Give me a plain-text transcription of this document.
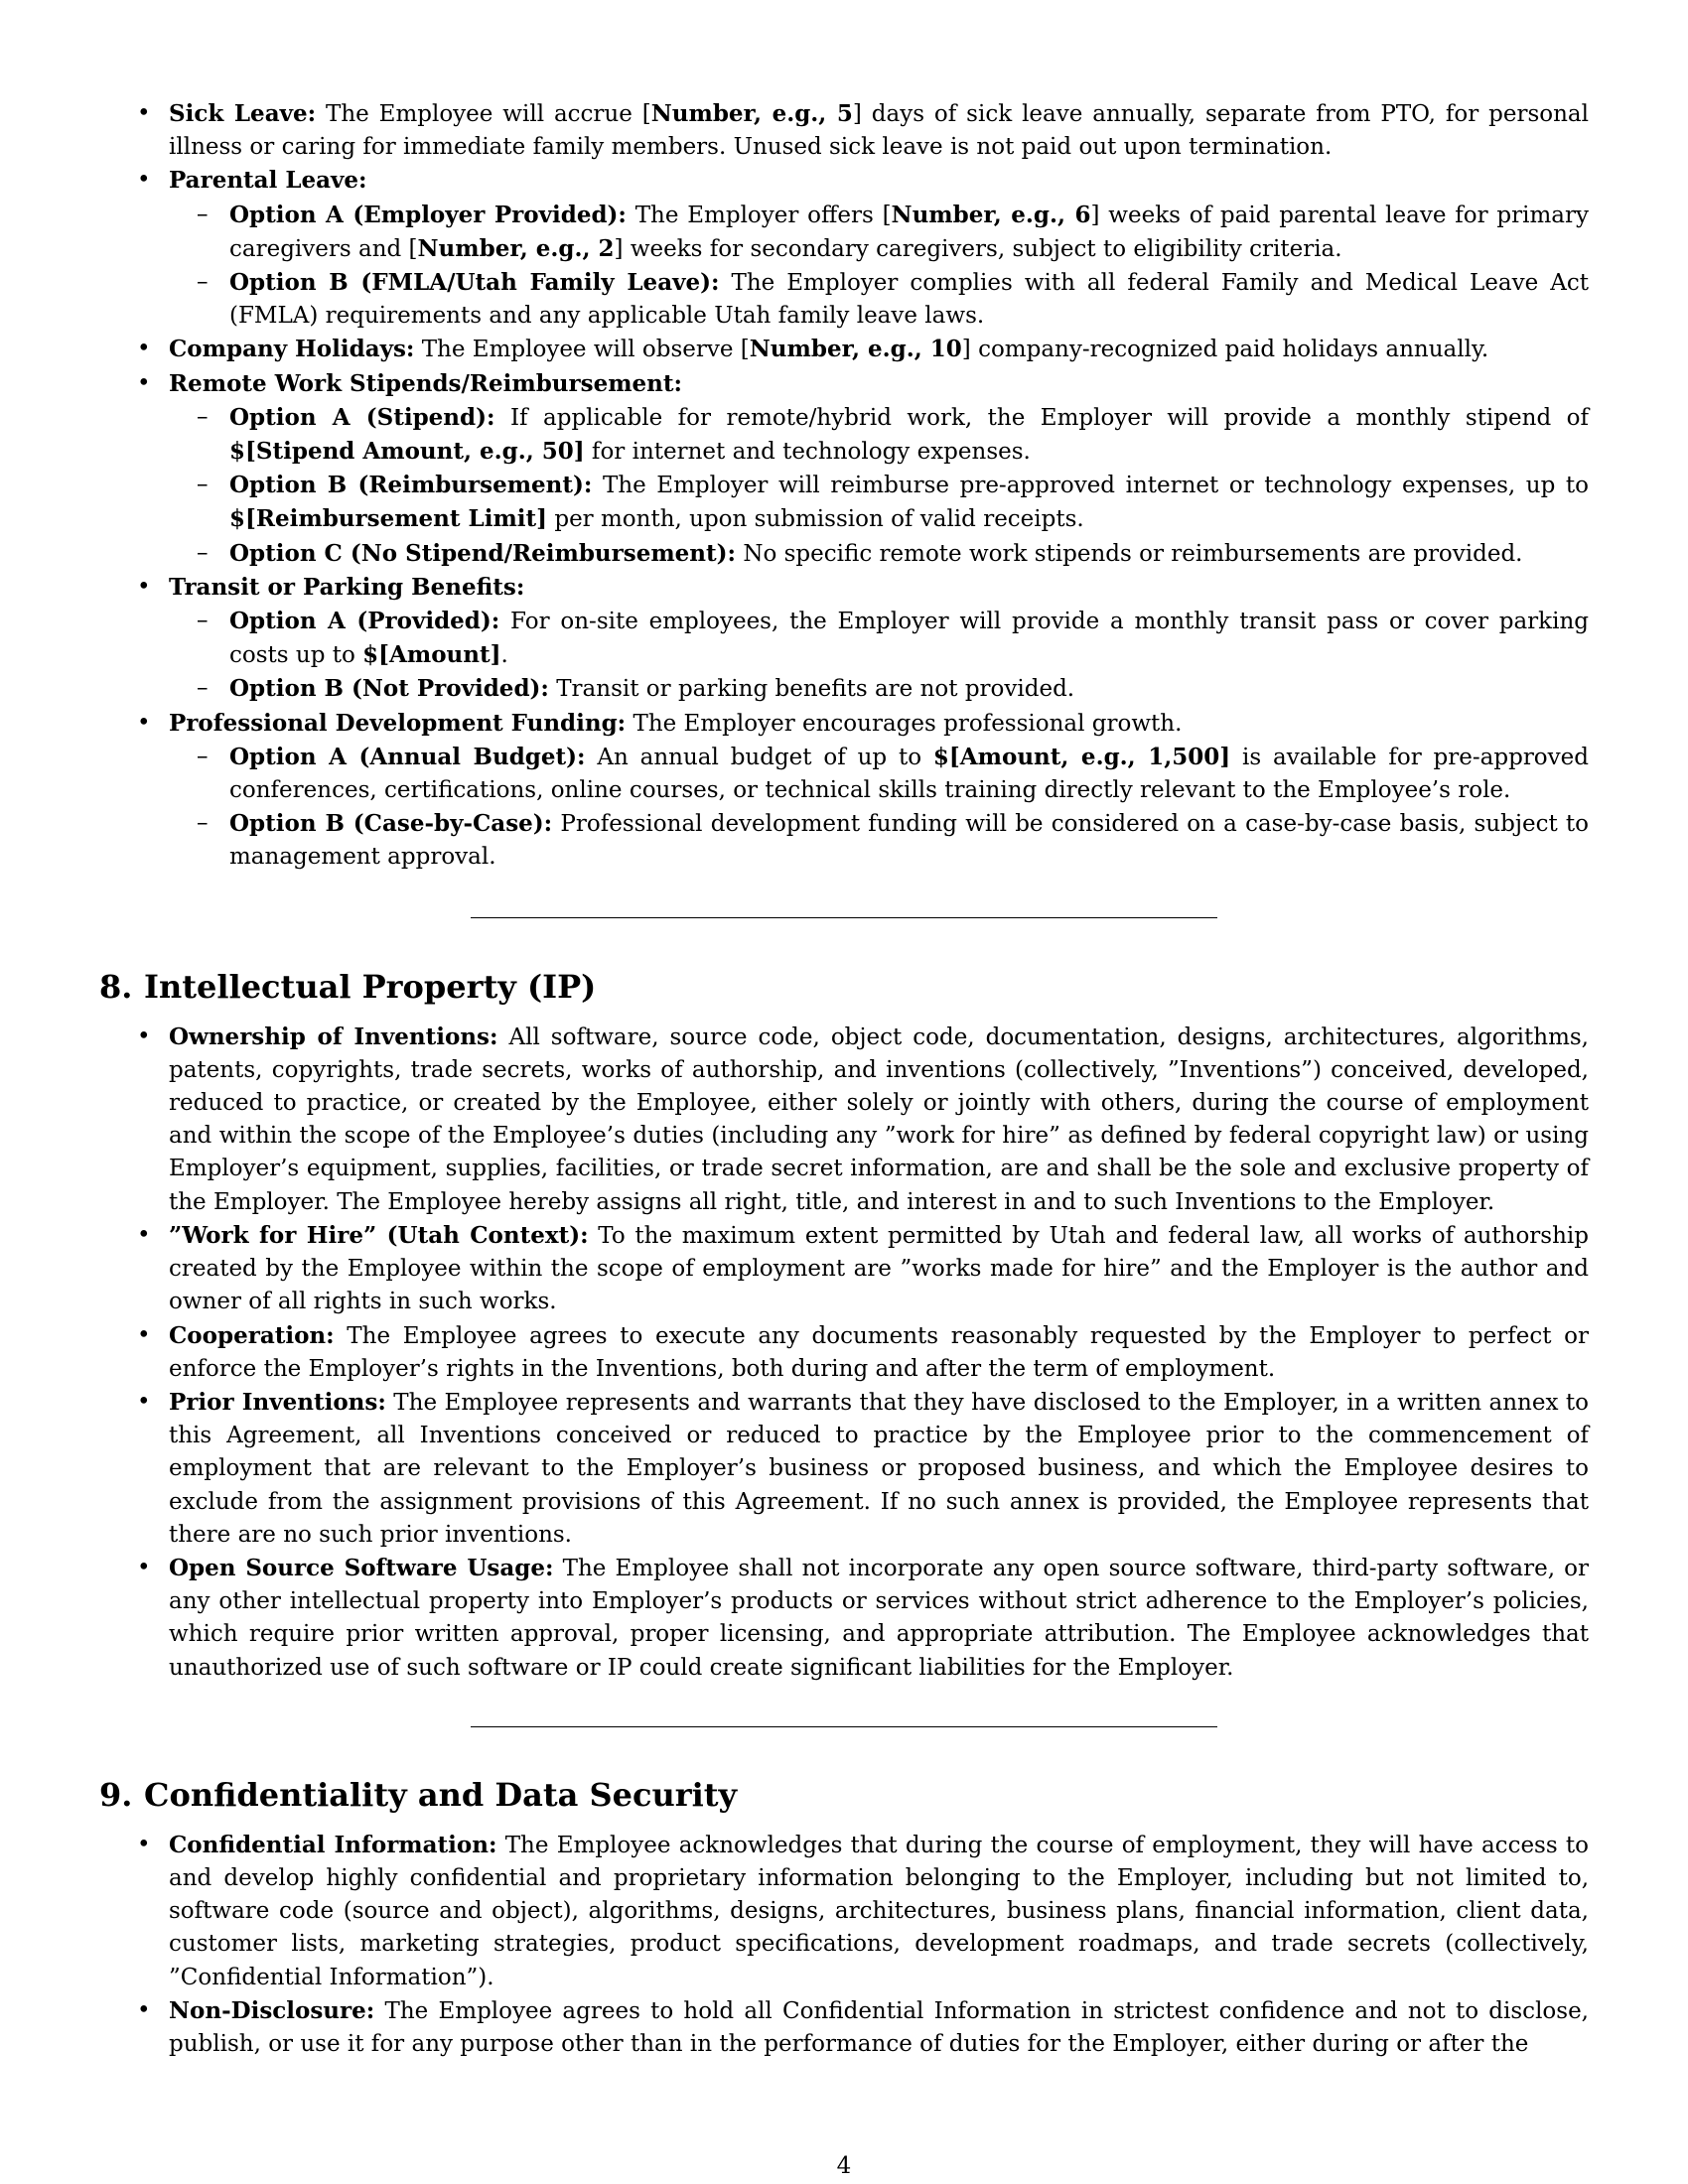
• Sick Leave: The Employee will accrue [Number, e.g., 5] days of sick leave annually, separate from PTO, for personal illness or caring for immediate family members. Unused sick leave is not paid out upon termination.
• Parental Leave:
– Option A (Employer Provided): The Employer offers [Number, e.g., 6] weeks of paid parental leave for primary caregivers and [Number, e.g., 2] weeks for secondary caregivers, subject to eligibility criteria.
– Option B (FMLA/Utah Family Leave): The Employer complies with all federal Family and Medical Leave Act (FMLA) requirements and any applicable Utah family leave laws.
• Company Holidays: The Employee will observe [Number, e.g., 10] company-recognized paid holidays annually.
• Remote Work Stipends/Reimbursement:
– Option A (Stipend): If applicable for remote/hybrid work, the Employer will provide a monthly stipend of $[Stipend Amount, e.g., 50] for internet and technology expenses.
– Option B (Reimbursement): The Employer will reimburse pre-approved internet or technology expenses, up to $[Reimbursement Limit] per month, upon submission of valid receipts.
– Option C (No Stipend/Reimbursement): No specific remote work stipends or reimbursements are provided.
• Transit or Parking Benefits:
– Option A (Provided): For on-site employees, the Employer will provide a monthly transit pass or cover parking costs up to $[Amount].
– Option B (Not Provided): Transit or parking benefits are not provided.
• Professional Development Funding: The Employer encourages professional growth.
– Option A (Annual Budget): An annual budget of up to $[Amount, e.g., 1,500] is available for pre-approved conferences, certifications, online courses, or technical skills training directly relevant to the Employee’s role.
– Option B (Case-by-Case): Professional development funding will be considered on a case-by-case basis, subject to management approval.
8. Intellectual Property (IP)
• Ownership of Inventions: All software, source code, object code, documentation, designs, architectures, algorithms, patents, copyrights, trade secrets, works of authorship, and inventions (collectively, ”Inventions”) conceived, developed, reduced to practice, or created by the Employee, either solely or jointly with others, during the course of employment and within the scope of the Employee’s duties (including any ”work for hire” as defined by federal copyright law) or using Employer’s equipment, supplies, facilities, or trade secret information, are and shall be the sole and exclusive property of the Employer. The Employee hereby assigns all right, title, and interest in and to such Inventions to the Employer.
• ”Work for Hire” (Utah Context): To the maximum extent permitted by Utah and federal law, all works of authorship created by the Employee within the scope of employment are ”works made for hire” and the Employer is the author and owner of all rights in such works.
• Cooperation: The Employee agrees to execute any documents reasonably requested by the Employer to perfect or enforce the Employer’s rights in the Inventions, both during and after the term of employment.
• Prior Inventions: The Employee represents and warrants that they have disclosed to the Employer, in a written annex to this Agreement, all Inventions conceived or reduced to practice by the Employee prior to the commencement of employment that are relevant to the Employer’s business or proposed business, and which the Employee desires to exclude from the assignment provisions of this Agreement. If no such annex is provided, the Employee represents that there are no such prior inventions.
• Open Source Software Usage: The Employee shall not incorporate any open source software, third-party software, or any other intellectual property into Employer’s products or services without strict adherence to the Employer’s policies, which require prior written approval, proper licensing, and appropriate attribution. The Employee acknowledges that unauthorized use of such software or IP could create significant liabilities for the Employer.
9. Confidentiality and Data Security
• Confidential Information: The Employee acknowledges that during the course of employment, they will have access to and develop highly confidential and proprietary information belonging to the Employer, including but not limited to, software code (source and object), algorithms, designs, architectures, business plans, financial information, client data, customer lists, marketing strategies, product specifications, development roadmaps, and trade secrets (collectively, ”Confidential Information”).
• Non-Disclosure: The Employee agrees to hold all Confidential Information in strictest confidence and not to disclose, publish, or use it for any purpose other than in the performance of duties for the Employer, either during or after the
4
